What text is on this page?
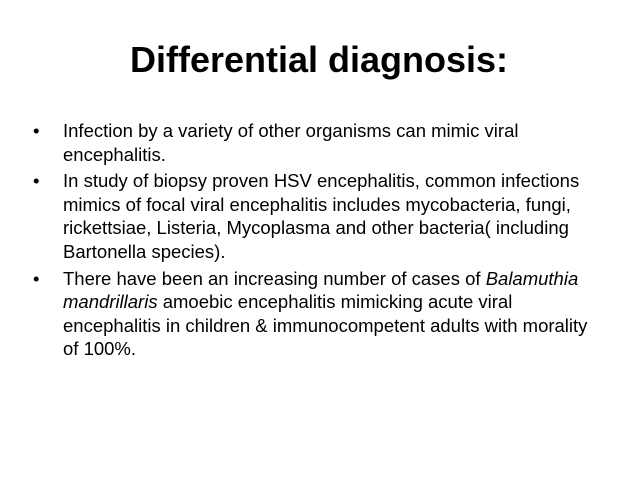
Differential diagnosis:
•	Infection by a variety of other organisms can mimic viral encephalitis.
•	In study of biopsy proven HSV encephalitis, common infections mimics of focal viral encephalitis includes mycobacteria, fungi, rickettsiae, Listeria, Mycoplasma and other bacteria( including Bartonella species).
•	There have been an increasing number of cases of Balamuthia mandrillaris amoebic encephalitis mimicking acute viral encephalitis in children & immunocompetent adults with morality of 100%.
